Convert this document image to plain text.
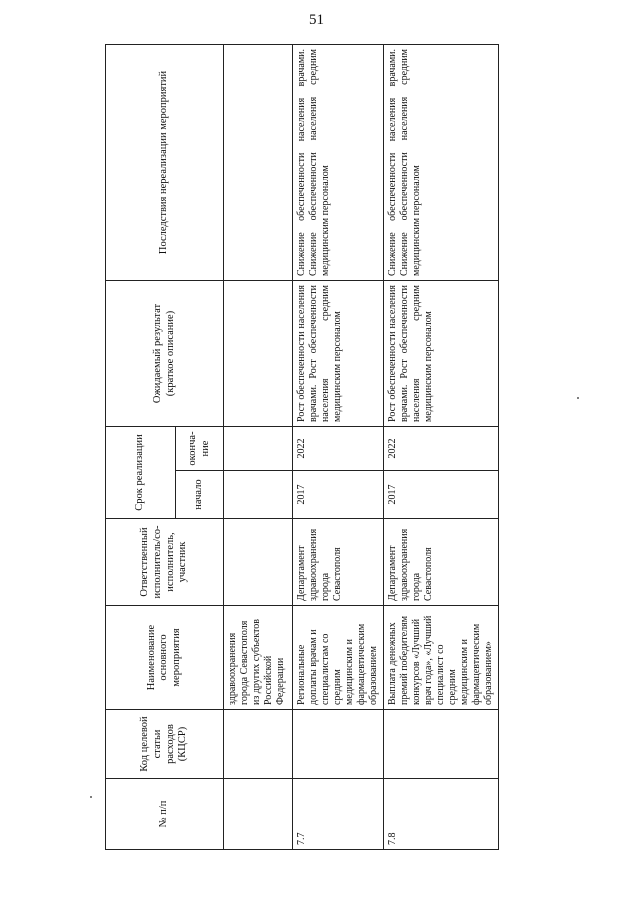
51
№ п/п	Код целевой статьи расходов (КЦСР)	Наименование основного мероприятия	Ответственный исполнитель/со-исполнитель, участник	Срок реализации		Ожидаемый результат (краткое описание)	Последствия нереализации мероприятий
				начало	оконча-ние		
		здравоохранения города Севастополя из других субъектов Российской Федерации					
7.7		Региональные доплаты врачам и специалистам со средним медицинским и фармацевтическим образованием	Департамент здравоохранения города Севастополя	2017	2022	Рост обеспеченности населения врачами. Рост обеспеченности населения средним медицинским персоналом	Снижение обеспеченности населения врачами. Снижение обеспеченности населения средним медицинским персоналом
7.8		Выплата денежных премий победителям конкурсов «Лучший врач года», «Лучший специалист со средним медицинским и фармацевтическим образованием»	Департамент здравоохранения города Севастополя	2017	2022	Рост обеспеченности населения врачами. Рост обеспеченности населения средним медицинским персоналом	Снижение обеспеченности населения врачами. Снижение обеспеченности населения средним медицинским персоналом
